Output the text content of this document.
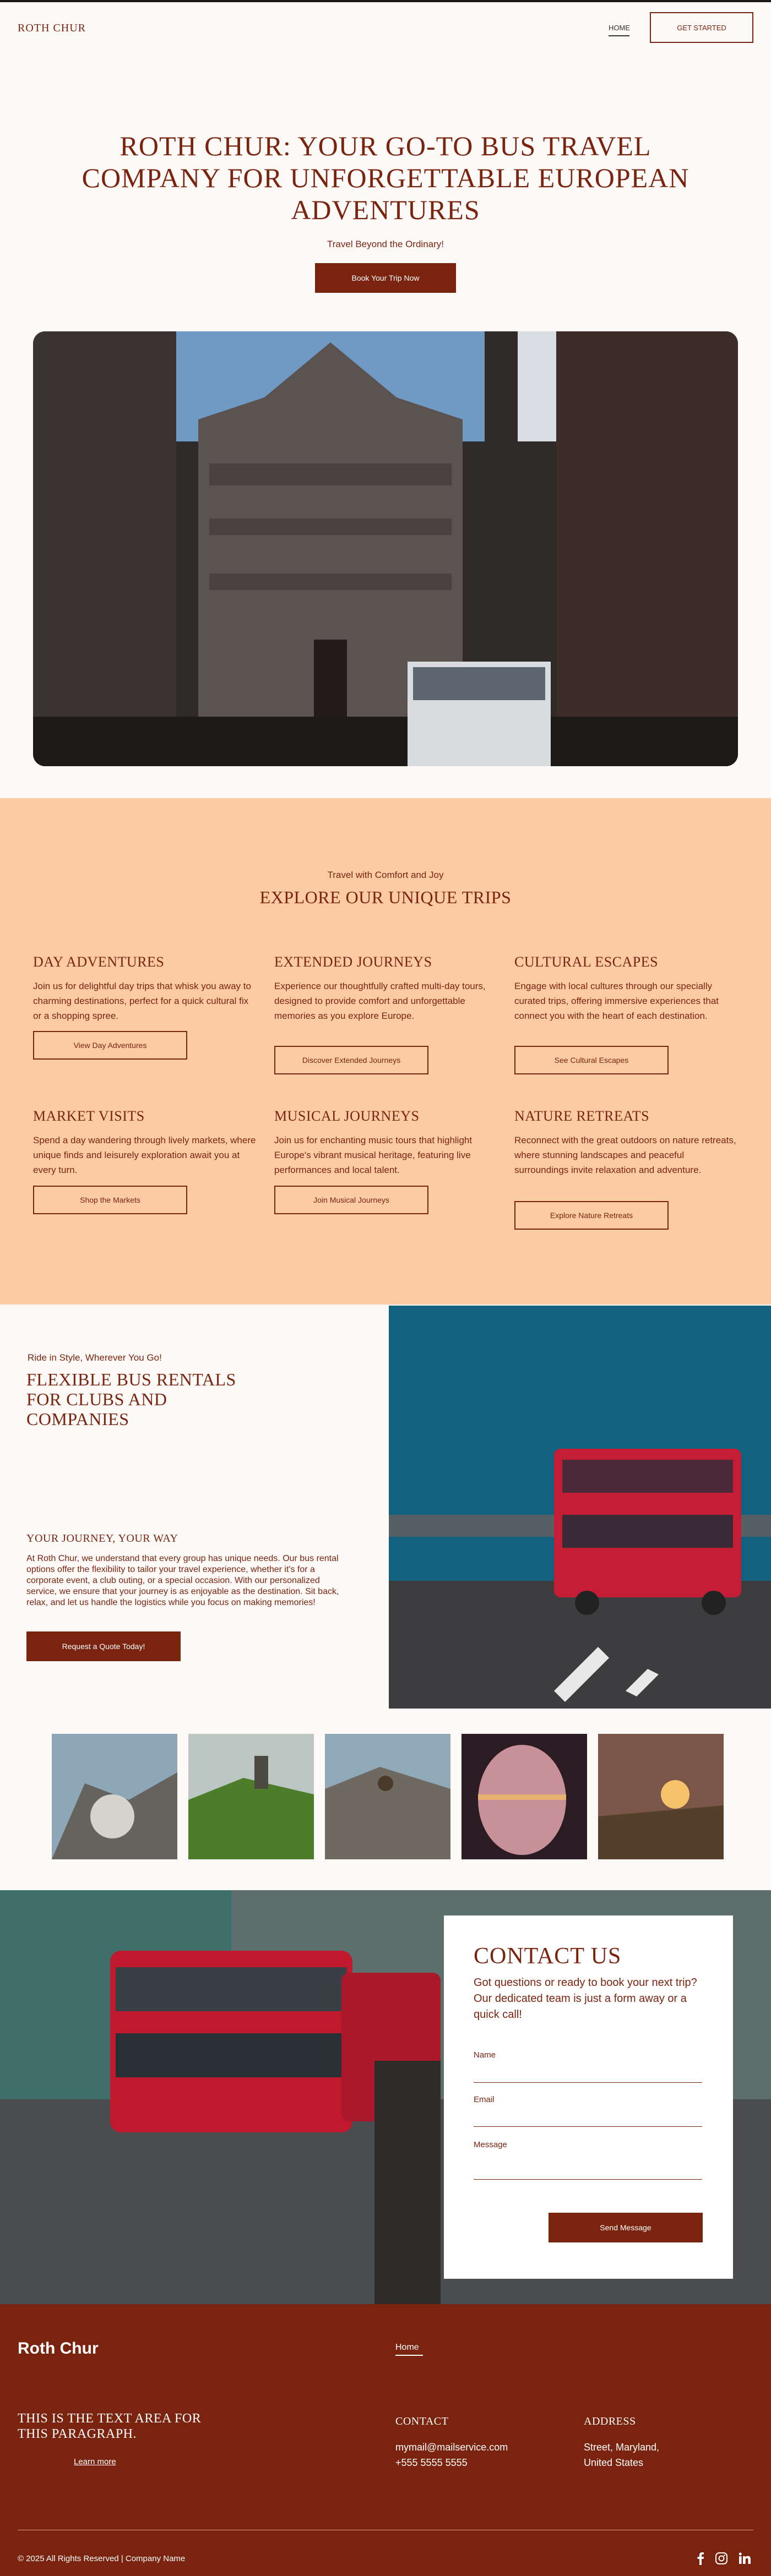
ROTH CHUR	HOME	GET STARTED
ROTH CHUR: YOUR GO-TO BUS TRAVEL COMPANY FOR UNFORGETTABLE EUROPEAN ADVENTURES
Travel Beyond the Ordinary!
Book Your Trip Now
Travel with Comfort and Joy
EXPLORE OUR UNIQUE TRIPS
DAY ADVENTURES
Join us for delightful day trips that whisk you away to charming destinations, perfect for a quick cultural fix or a shopping spree.
View Day Adventures
EXTENDED JOURNEYS
Experience our thoughtfully crafted multi-day tours, designed to provide comfort and unforgettable memories as you explore Europe.
Discover Extended Journeys
CULTURAL ESCAPES
Engage with local cultures through our specially curated trips, offering immersive experiences that connect you with the heart of each destination.
See Cultural Escapes
MARKET VISITS
Spend a day wandering through lively markets, where unique finds and leisurely exploration await you at every turn.
Shop the Markets
MUSICAL JOURNEYS
Join us for enchanting music tours that highlight Europe's vibrant musical heritage, featuring live performances and local talent.
Join Musical Journeys
NATURE RETREATS
Reconnect with the great outdoors on nature retreats, where stunning landscapes and peaceful surroundings invite relaxation and adventure.
Explore Nature Retreats
Ride in Style, Wherever You Go!
FLEXIBLE BUS RENTALS FOR CLUBS AND COMPANIES
YOUR JOURNEY, YOUR WAY
At Roth Chur, we understand that every group has unique needs. Our bus rental options offer the flexibility to tailor your travel experience, whether it's for a corporate event, a club outing, or a special occasion. With our personalized service, we ensure that your journey is as enjoyable as the destination. Sit back, relax, and let us handle the logistics while you focus on making memories!
Request a Quote Today!
CONTACT US
Got questions or ready to book your next trip? Our dedicated team is just a form away or a quick call!
Name
Email
Message
Send Message
Roth Chur	Home
THIS IS THE TEXT AREA FOR THIS PARAGRAPH.
Learn more
CONTACT
mymail@mailservice.com
+555 5555 5555
ADDRESS
Street, Maryland,
United States
© 2025 All Rights Reserved | Company Name
